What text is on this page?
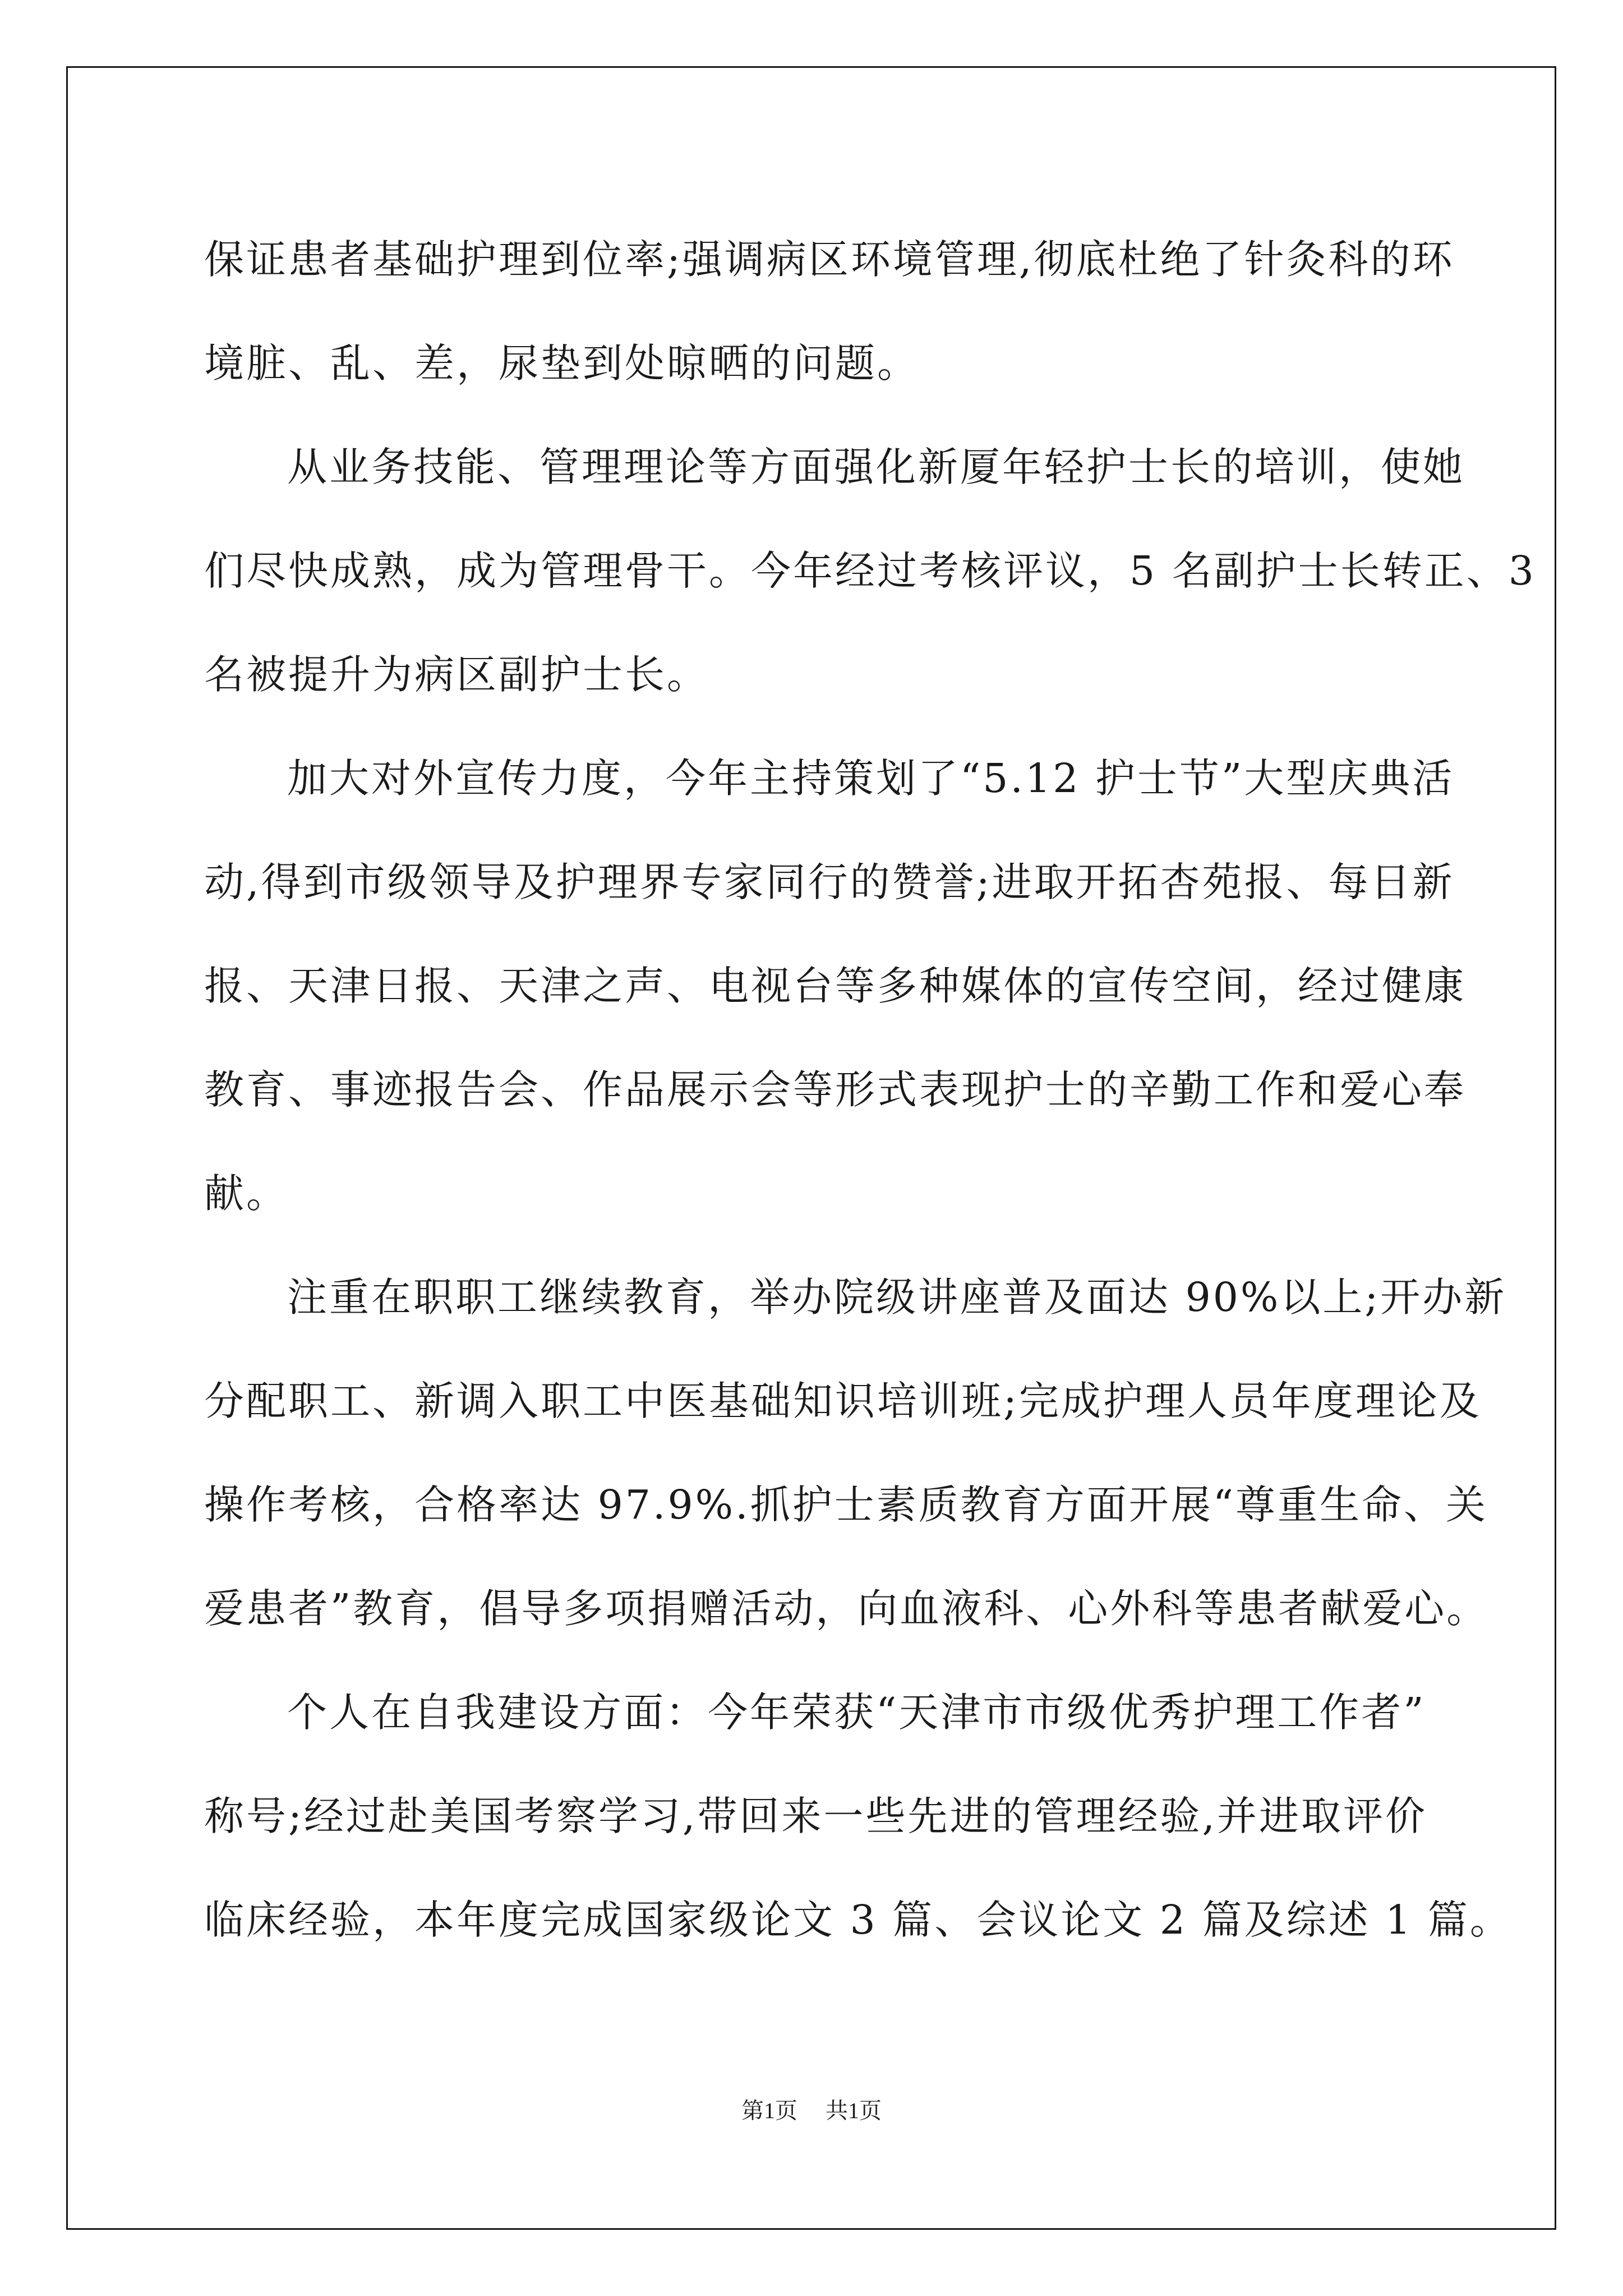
保证患者基础护理到位率;强调病区环境管理,彻底杜绝了针灸科的环
境脏、乱、差，尿垫到处晾晒的问题。
从业务技能、管理理论等方面强化新厦年轻护士长的培训，使她
们尽快成熟，成为管理骨干。今年经过考核评议，5 名副护士长转正、3
名被提升为病区副护士长。
加大对外宣传力度，今年主持策划了“5.12 护士节”大型庆典活
动,得到市级领导及护理界专家同行的赞誉;进取开拓杏苑报、每日新
报、天津日报、天津之声、电视台等多种媒体的宣传空间，经过健康
教育、事迹报告会、作品展示会等形式表现护士的辛勤工作和爱心奉
献。
注重在职职工继续教育，举办院级讲座普及面达 90%以上;开办新
分配职工、新调入职工中医基础知识培训班;完成护理人员年度理论及
操作考核，合格率达 97.9%.抓护士素质教育方面开展“尊重生命、关
爱患者”教育，倡导多项捐赠活动，向血液科、心外科等患者献爱心。
个人在自我建设方面：今年荣获“天津市市级优秀护理工作者”
称号;经过赴美国考察学习,带回来一些先进的管理经验,并进取评价
临床经验，本年度完成国家级论文 3 篇、会议论文 2 篇及综述 1 篇。
第1页 共1页
